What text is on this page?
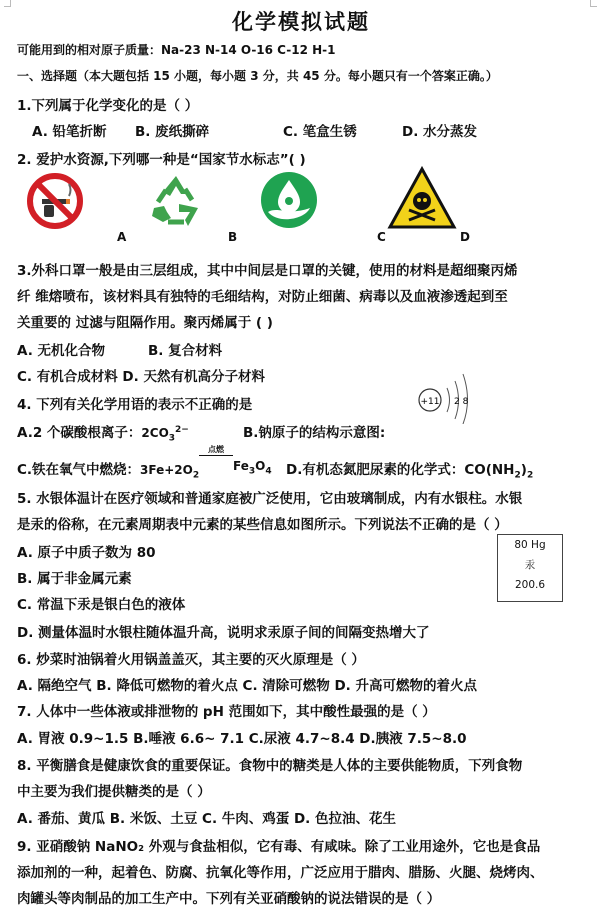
化学模拟试题
可能用到的相对原子质量：Na-23 N-14 O-16 C-12 H-1
一、选择题（本大题包括 15 小题，每小题 3 分，共 45 分。每小题只有一个答案正确。）
1.下列属于化学变化的是（ ）
A. 铅笔折断 B. 废纸撕碎	C. 笔盒生锈	D. 水分蒸发
2. 爱护水资源,下列哪一种是“国家节水标志”( )
A	B	C	D
3.外科口罩一般是由三层组成，其中中间层是口罩的关键，使用的材料是超细聚丙烯
纤 维熔喷布，该材料具有独特的毛细结构，对防止细菌、病毒以及血液渗透起到至
关重要的 过滤与阻隔作用。聚丙烯属于 ( )
A. 无机化合物	B. 复合材料
C. 有机合成材料 D. 天然有机高分子材料
4. 下列有关化学用语的表示不正确的是	+11 2 8
A.2 个碳酸根离子：$2CO_3^{2-}$	B.钠原子的结构示意图:
C.铁在氧气中燃烧：$3Fe+2O_2$
点燃
$Fe_3O_4$ D.有机态氮肥尿素的化学式：$CO(NH_2)_2$
5. 水银体温计在医疗领域和普通家庭被广泛使用，它由玻璃制成，内有水银柱。水银
是汞的俗称，在元素周期表中元素的某些信息如图所示。下列说法不正确的是（ ）
A. 原子中质子数为 80
B. 属于非金属元素
C. 常温下汞是银白色的液体
D. 测量体温时水银柱随体温升高，说明求汞原子间的间隔变热增大了
80 Hg
汞
200.6
6. 炒菜时油锅着火用锅盖盖灭，其主要的灭火原理是（ ）
A. 隔绝空气 B. 降低可燃物的着火点 C. 清除可燃物 D. 升高可燃物的着火点
7. 人体中一些体液或排泄物的 pH 范围如下，其中酸性最强的是（ ）
A. 胃液 0.9~1.5 B.唾液 6.6~ 7.1 C.尿液 4.7~8.4 D.胰液 7.5~8.0
8. 平衡膳食是健康饮食的重要保证。食物中的糖类是人体的主要供能物质，下列食物
中主要为我们提供糖类的是（ ）
A. 番茄、黄瓜 B. 米饭、土豆 C. 牛肉、鸡蛋 D. 色拉油、花生
9. 亚硝酸钠 NaNO₂ 外观与食盐相似，它有毒、有咸味。除了工业用途外，它也是食品
添加剂的一种，起着色、防腐、抗氧化等作用，广泛应用于腊肉、腊肠、火腿、烧烤肉、
肉罐头等肉制品的加工生产中。下列有关亚硝酸钠的说法错误的是（ ）
